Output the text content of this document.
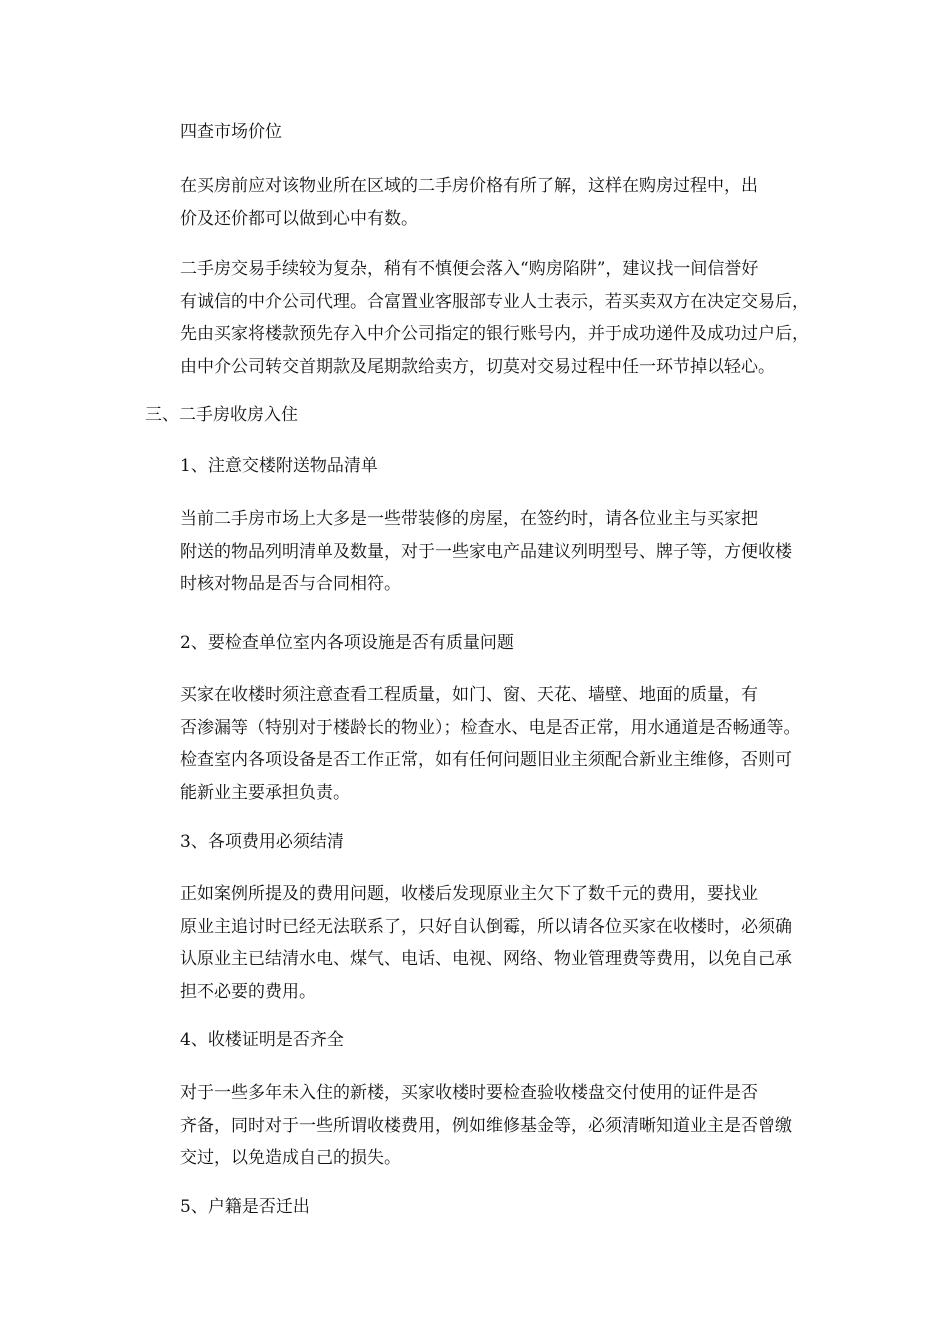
四查市场价位

在买房前应对该物业所在区域的二手房价格有所了解，这样在购房过程中，出
价及还价都可以做到心中有数。

二手房交易手续较为复杂，稍有不慎便会落入“购房陷阱”，建议找一间信誉好
有诚信的中介公司代理。合富置业客服部专业人士表示，若买卖双方在决定交易后，
先由买家将楼款预先存入中介公司指定的银行账号内，并于成功递件及成功过户后，
由中介公司转交首期款及尾期款给卖方，切莫对交易过程中任一环节掉以轻心。

三、二手房收房入住

1、注意交楼附送物品清单

当前二手房市场上大多是一些带装修的房屋，在签约时，请各位业主与买家把
附送的物品列明清单及数量，对于一些家电产品建议列明型号、牌子等，方便收楼
时核对物品是否与合同相符。

2、要检查单位室内各项设施是否有质量问题

买家在收楼时须注意查看工程质量，如门、窗、天花、墙壁、地面的质量，有
否渗漏等（特别对于楼龄长的物业）；检查水、电是否正常，用水通道是否畅通等。
检查室内各项设备是否工作正常，如有任何问题旧业主须配合新业主维修，否则可
能新业主要承担负责。

3、各项费用必须结清

正如案例所提及的费用问题，收楼后发现原业主欠下了数千元的费用，要找业
原业主追讨时已经无法联系了，只好自认倒霉，所以请各位买家在收楼时，必须确
认原业主已结清水电、煤气、电话、电视、网络、物业管理费等费用，以免自己承
担不必要的费用。

4、收楼证明是否齐全

对于一些多年未入住的新楼，买家收楼时要检查验收楼盘交付使用的证件是否
齐备，同时对于一些所谓收楼费用，例如维修基金等，必须清晰知道业主是否曾缴
交过，以免造成自己的损失。

5、户籍是否迁出
